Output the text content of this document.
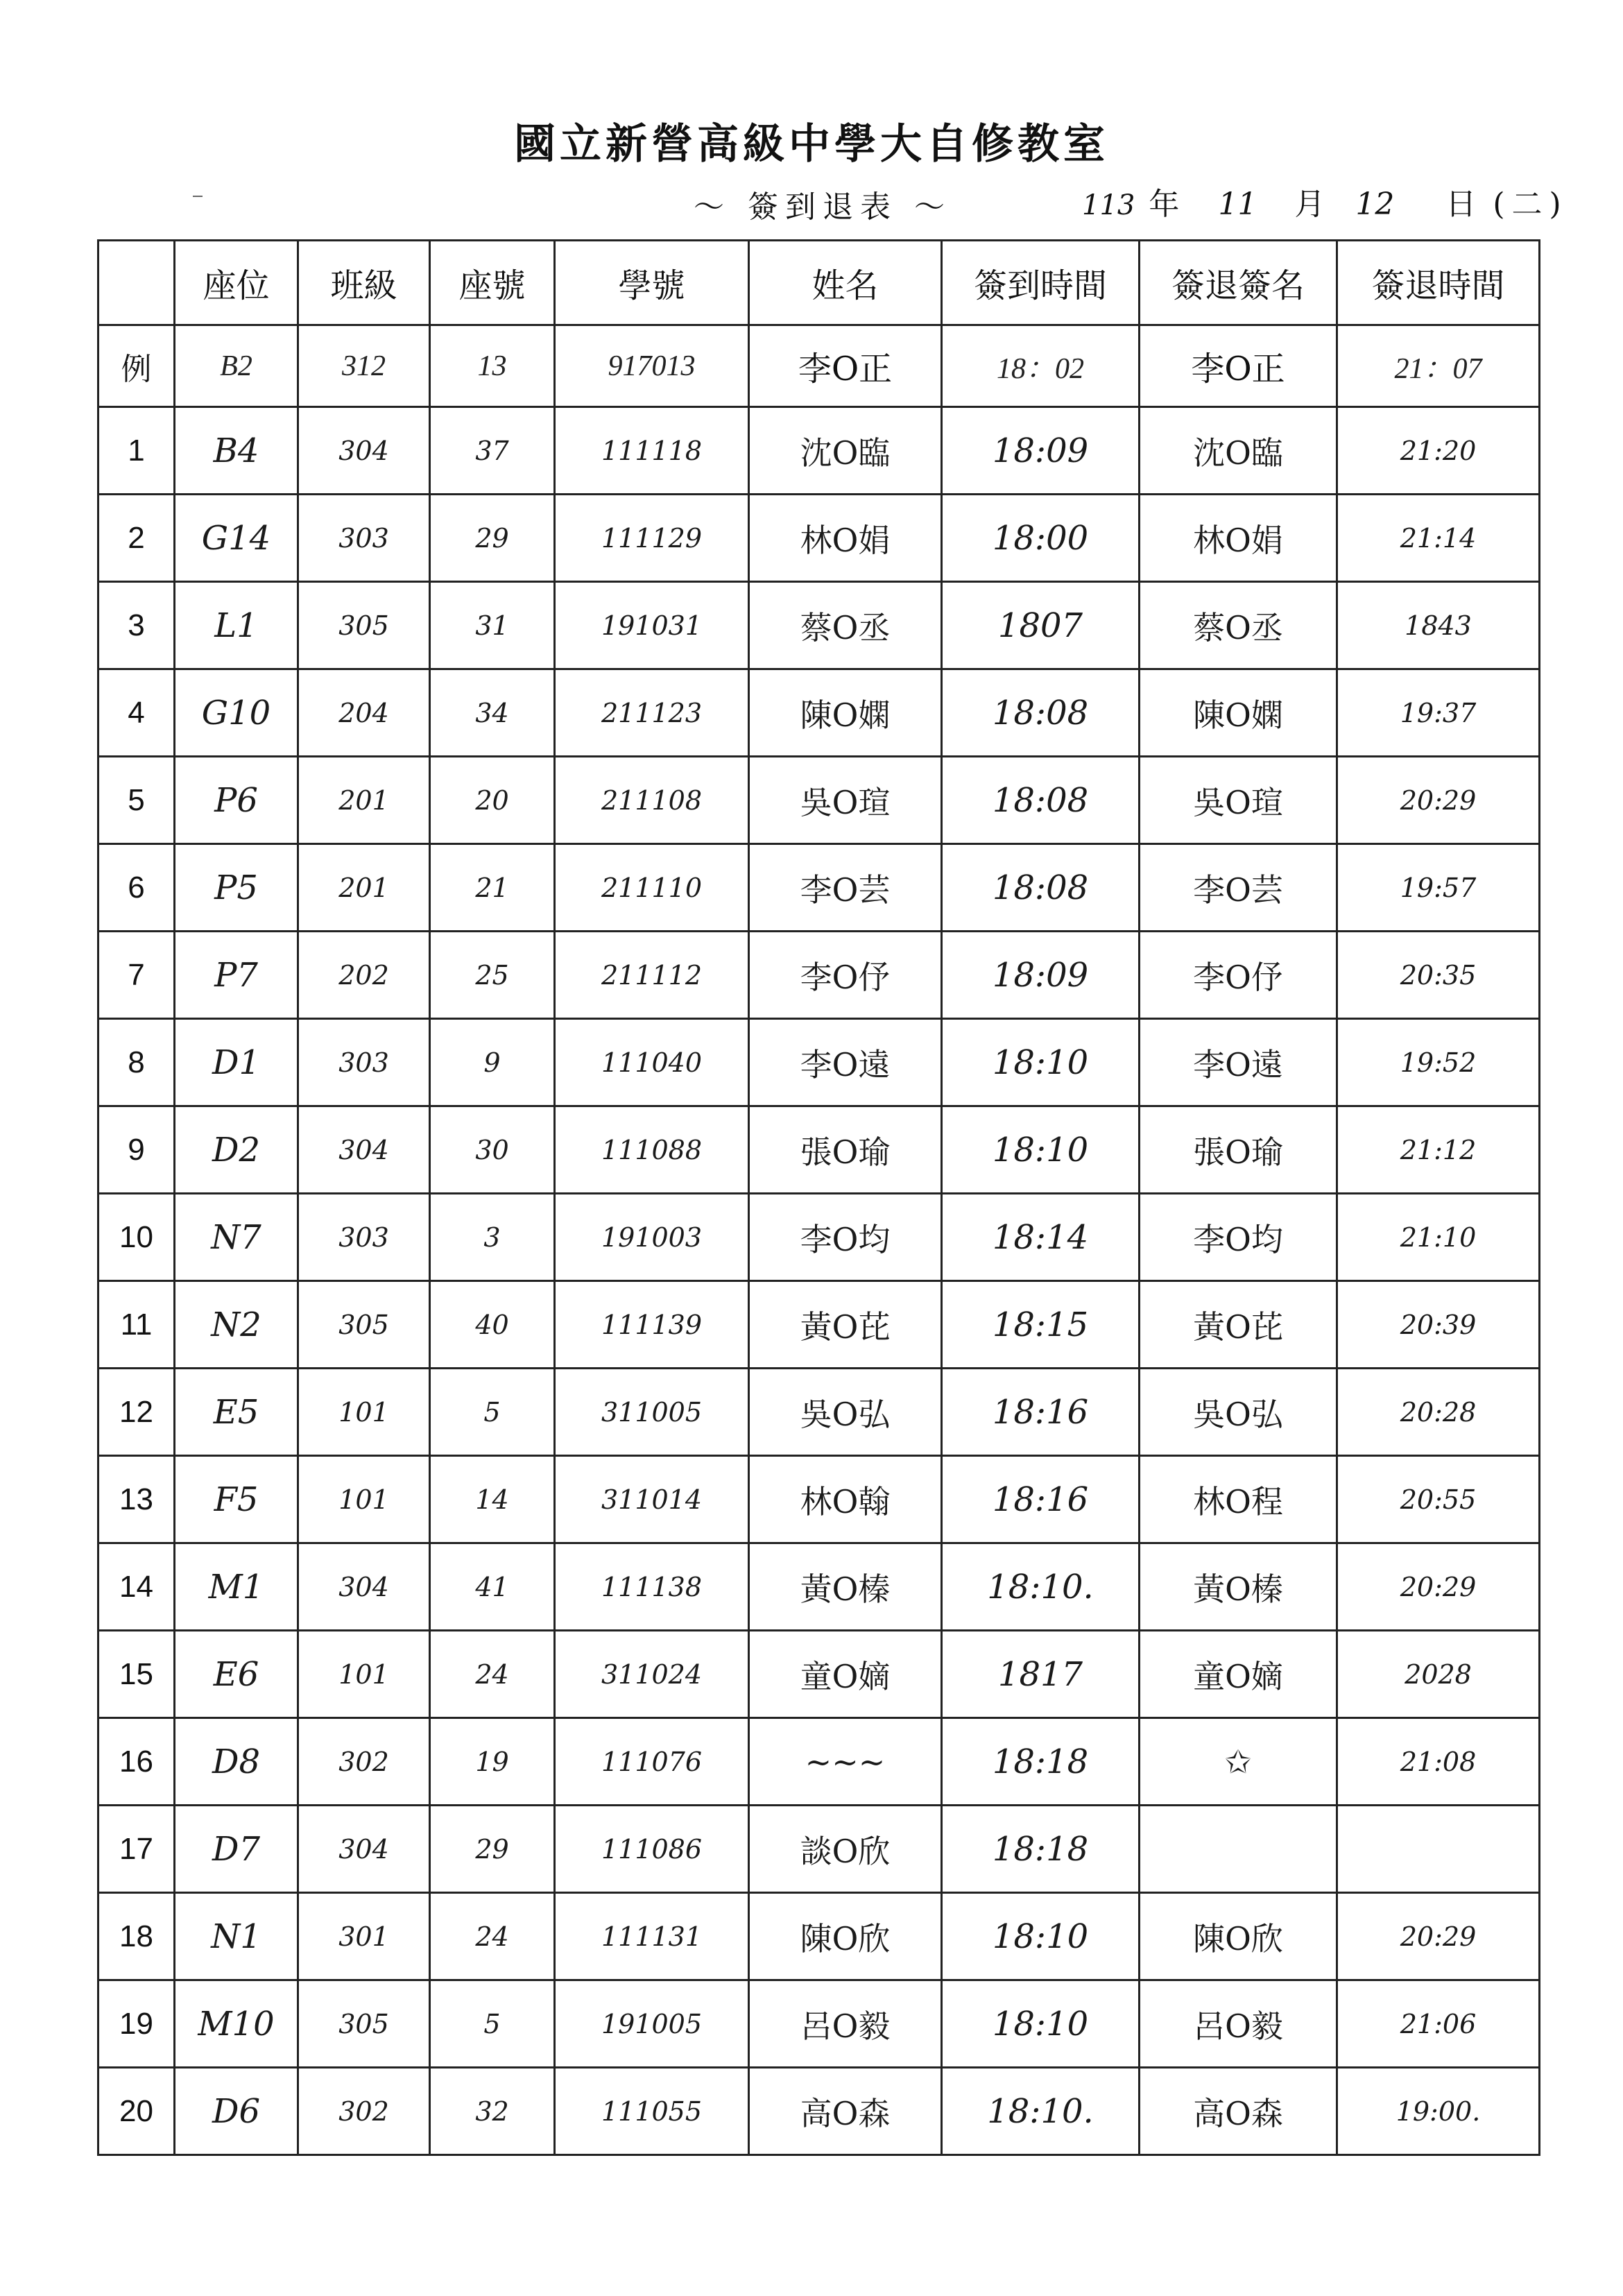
國立新營高級中學大自修教室
～ 簽到退表 ～	113 年 11 月 12 日 (二)
	座位	班級	座號	學號	姓名	簽到時間	簽退簽名	簽退時間
例	B2	312	13	917013	李O正	18：02	李O正	21：07
1	B4	304	37	111118	沈O臨	18:09	沈O臨	21:20
2	G14	303	29	111129	林O娟	18:00	林O娟	21:14
3	L1	305	31	191031	蔡O丞	1807	蔡O丞	1843
4	G10	204	34	211123	陳O嫻	18:08	陳O嫻	19:37
5	P6	201	20	211108	吳O瑄	18:08	吳O瑄	20:29
6	P5	201	21	211110	李O芸	18:08	李O芸	19:57
7	P7	202	25	211112	李O伃	18:09	李O伃	20:35
8	D1	303	9	111040	李O遠	18:10	李O遠	19:52
9	D2	304	30	111088	張O瑜	18:10	張O瑜	21:12
10	N7	303	3	191003	李O均	18:14	李O均	21:10
11	N2	305	40	111139	黃O芘	18:15	黃O芘	20:39
12	E5	101	5	311005	吳O弘	18:16	吳O弘	20:28
13	F5	101	14	311014	林O翰	18:16	林O程	20:55
14	M1	304	41	111138	黃O榛	18:10.	黃O榛	20:29
15	E6	101	24	311024	童O嫡	1817	童O嫡	2028
16	D8	302	19	111076	~~~	18:18	✩	21:08
17	D7	304	29	111086	談O欣	18:18		
18	N1	301	24	111131	陳O欣	18:10	陳O欣	20:29
19	M10	305	5	191005	呂O毅	18:10	呂O毅	21:06
20	D6	302	32	111055	高O森	18:10.	高O森	19:00.
